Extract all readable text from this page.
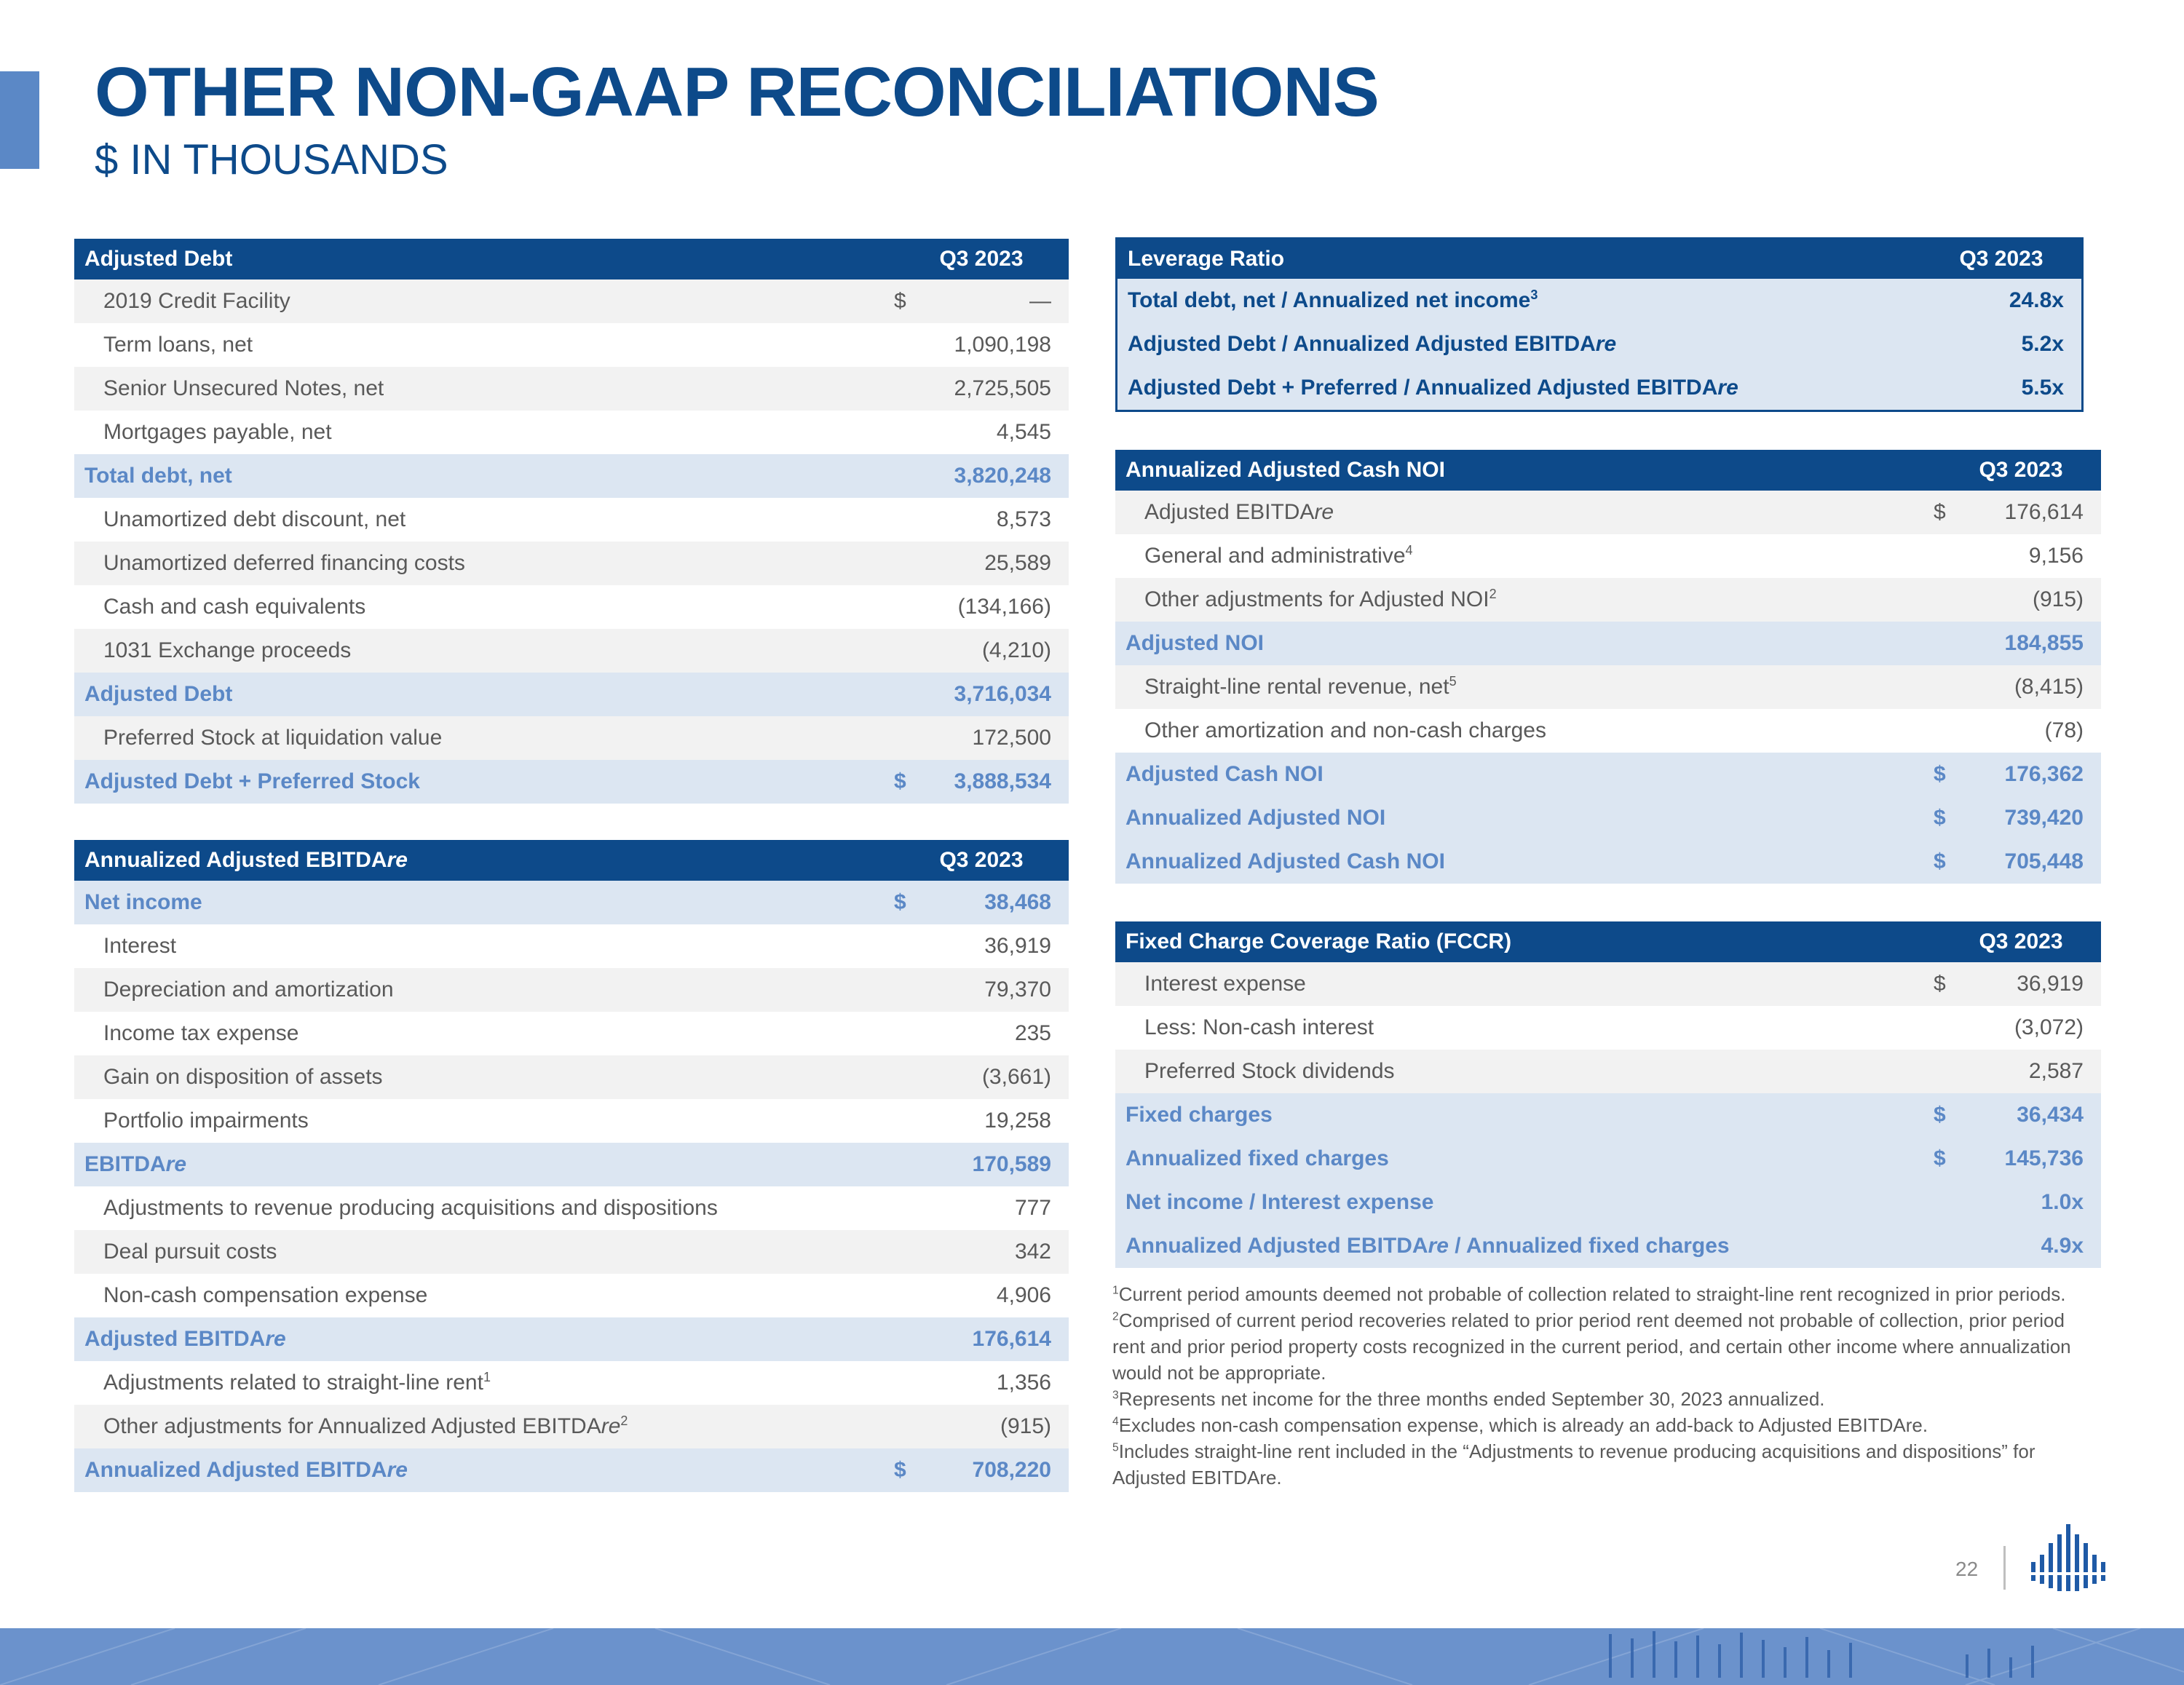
OTHER NON-GAAP RECONCILIATIONS
$ IN THOUSANDS
Adjusted Debt	Q3 2023
2019 Credit Facility	$	—
Term loans, net	1,090,198
Senior Unsecured Notes, net	2,725,505
Mortgages payable, net	4,545
Total debt, net	3,820,248
Unamortized debt discount, net	8,573
Unamortized deferred financing costs	25,589
Cash and cash equivalents	(134,166)
1031 Exchange proceeds	(4,210)
Adjusted Debt	3,716,034
Preferred Stock at liquidation value	172,500
Adjusted Debt + Preferred Stock	$	3,888,534
Annualized Adjusted EBITDAre	Q3 2023
Net income	$	38,468
Interest	36,919
Depreciation and amortization	79,370
Income tax expense	235
Gain on disposition of assets	(3,661)
Portfolio impairments	19,258
EBITDAre	170,589
Adjustments to revenue producing acquisitions and dispositions	777
Deal pursuit costs	342
Non-cash compensation expense	4,906
Adjusted EBITDAre	176,614
Adjustments related to straight-line rent$^1$	1,356
Other adjustments for Annualized Adjusted EBITDAre$^2$	(915)
Annualized Adjusted EBITDAre	$	708,220
Leverage Ratio	Q3 2023
Total debt, net / Annualized net income$^3$	24.8x
Adjusted Debt / Annualized Adjusted EBITDAre	5.2x
Adjusted Debt + Preferred / Annualized Adjusted EBITDAre	5.5x
Annualized Adjusted Cash NOI	Q3 2023
Adjusted EBITDAre	$	176,614
General and administrative$^4$	9,156
Other adjustments for Adjusted NOI$^2$	(915)
Adjusted NOI	184,855
Straight-line rental revenue, net$^5$	(8,415)
Other amortization and non-cash charges	(78)
Adjusted Cash NOI	$	176,362
Annualized Adjusted NOI	$	739,420
Annualized Adjusted Cash NOI	$	705,448
Fixed Charge Coverage Ratio (FCCR)	Q3 2023
Interest expense	$	36,919
Less: Non-cash interest	(3,072)
Preferred Stock dividends	2,587
Fixed charges	$	36,434
Annualized fixed charges	$	145,736
Net income / Interest expense	1.0x
Annualized Adjusted EBITDAre / Annualized fixed charges	4.9x

$^1$Current period amounts deemed not probable of collection related to straight-line rent recognized in prior periods.

$^2$Comprised of current period recoveries related to prior period rent deemed not probable of collection, prior period rent and prior period property costs recognized in the current period, and certain other income where annualization would not be appropriate.

$^3$Represents net income for the three months ended September 30, 2023 annualized.

$^4$Excludes non-cash compensation expense, which is already an add-back to Adjusted EBITDAre.

$^5$Includes straight-line rent included in the “Adjustments to revenue producing acquisitions and dispositions” for Adjusted EBITDAre.

22
